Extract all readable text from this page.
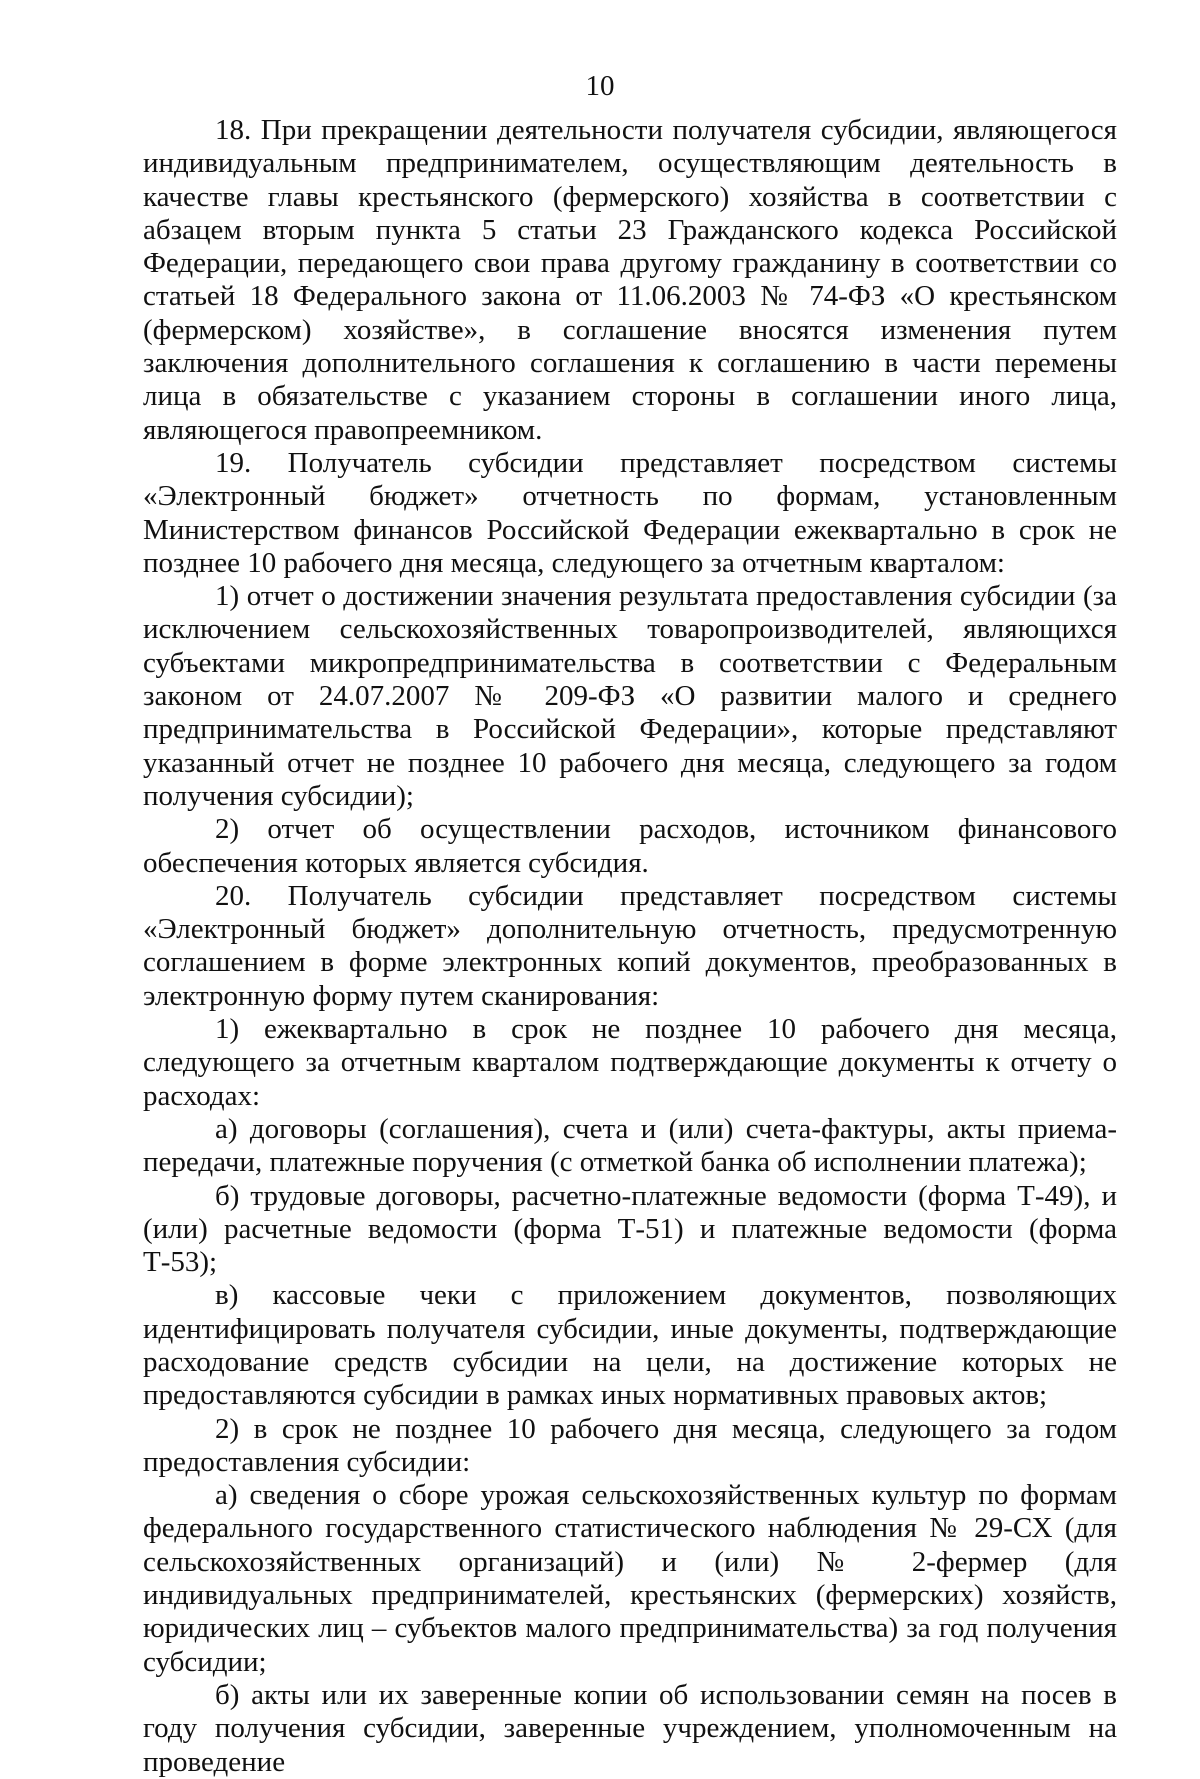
10

18. При прекращении деятельности получателя субсидии, являющегося индивидуальным предпринимателем, осуществляющим деятельность в качестве главы крестьянского (фермерского) хозяйства в соответствии с абзацем вторым пункта 5 статьи 23 Гражданского кодекса Российской Федерации, передающего свои права другому гражданину в соответствии со статьей 18 Федерального закона от 11.06.2003 № 74-ФЗ «О крестьянском (фермерском) хозяйстве», в соглашение вносятся изменения путем заключения дополнительного соглашения к соглашению в части перемены лица в обязательстве с указанием стороны в соглашении иного лица, являющегося правопреемником.

19. Получатель субсидии представляет посредством системы «Электронный бюджет» отчетность по формам, установленным Министерством финансов Российской Федерации ежеквартально в срок не позднее 10 рабочего дня месяца, следующего за отчетным кварталом:

1) отчет о достижении значения результата предоставления субсидии (за исключением сельскохозяйственных товаропроизводителей, являющихся субъектами микропредпринимательства в соответствии с Федеральным законом от 24.07.2007 № 209-ФЗ «О развитии малого и среднего предпринимательства в Российской Федерации», которые представляют указанный отчет не позднее 10 рабочего дня месяца, следующего за годом получения субсидии);

2) отчет об осуществлении расходов, источником финансового обеспечения которых является субсидия.

20. Получатель субсидии представляет посредством системы «Электронный бюджет» дополнительную отчетность, предусмотренную соглашением в форме электронных копий документов, преобразованных в электронную форму путем сканирования:

1) ежеквартально в срок не позднее 10 рабочего дня месяца, следующего за отчетным кварталом подтверждающие документы к отчету о расходах:

а) договоры (соглашения), счета и (или) счета-фактуры, акты приема-передачи, платежные поручения (с отметкой банка об исполнении платежа);

б) трудовые договоры, расчетно-платежные ведомости (форма Т-49), и (или) расчетные ведомости (форма Т-51) и платежные ведомости (форма Т-53);

в) кассовые чеки с приложением документов, позволяющих идентифицировать получателя субсидии, иные документы, подтверждающие расходование средств субсидии на цели, на достижение которых не предоставляются субсидии в рамках иных нормативных правовых актов;

2) в срок не позднее 10 рабочего дня месяца, следующего за годом предоставления субсидии:

а) сведения о сборе урожая сельскохозяйственных культур по формам федерального государственного статистического наблюдения № 29-СХ (для сельскохозяйственных организаций) и (или) № 2-фермер (для индивидуальных предпринимателей, крестьянских (фермерских) хозяйств, юридических лиц – субъектов малого предпринимательства) за год получения субсидии;

б) акты или их заверенные копии об использовании семян на посев в году получения субсидии, заверенные учреждением, уполномоченным на проведение
